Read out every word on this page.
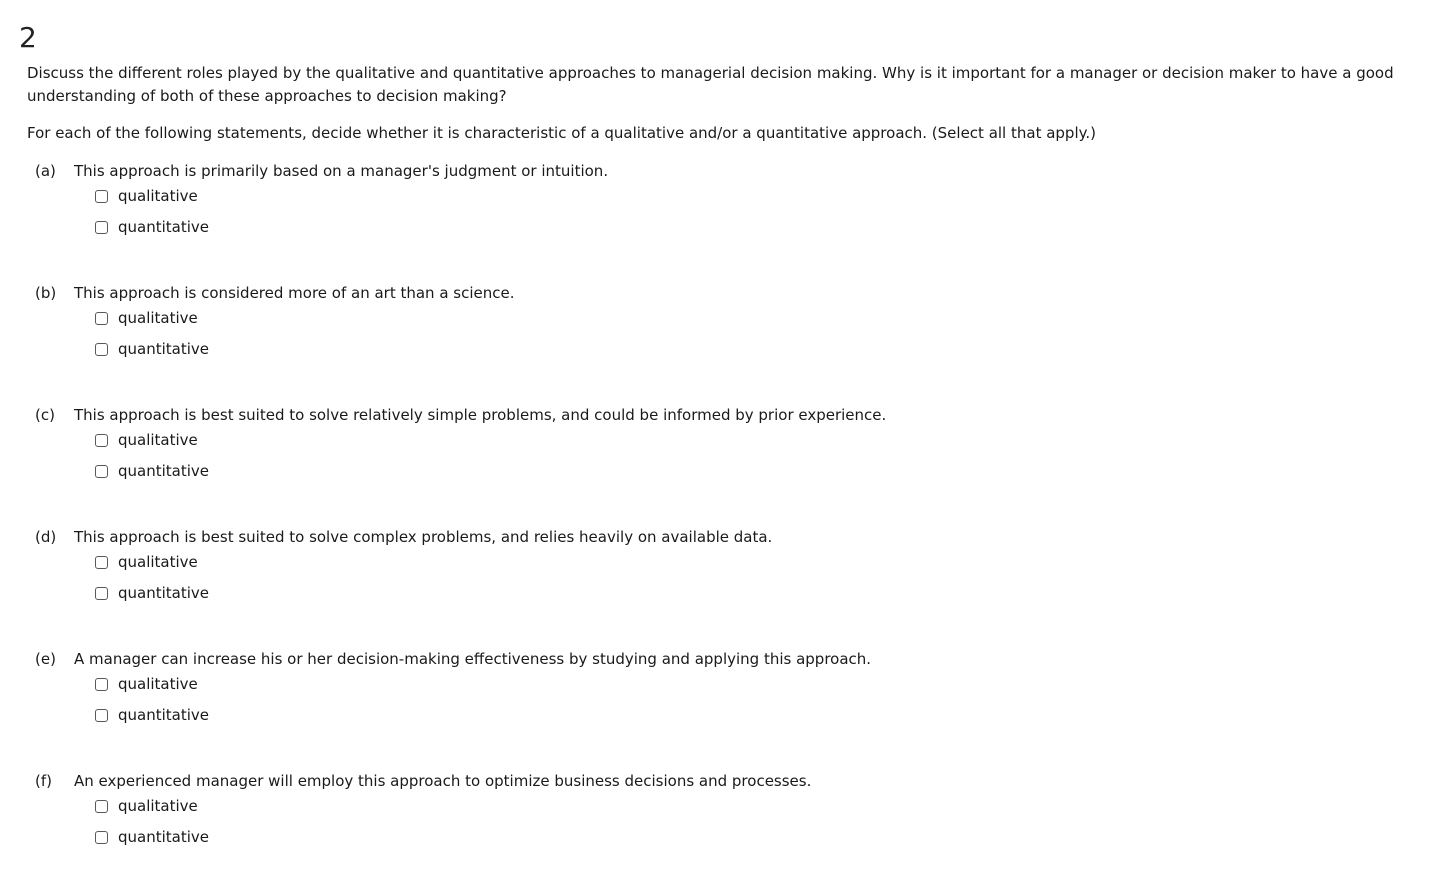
2
Discuss the different roles played by the qualitative and quantitative approaches to managerial decision making. Why is it important for a manager or decision maker to have a good understanding of both of these approaches to decision making?
For each of the following statements, decide whether it is characteristic of a qualitative and/or a quantitative approach. (Select all that apply.)
(a) This approach is primarily based on a manager's judgment or intuition.
qualitative
quantitative
(b) This approach is considered more of an art than a science.
qualitative
quantitative
(c) This approach is best suited to solve relatively simple problems, and could be informed by prior experience.
qualitative
quantitative
(d) This approach is best suited to solve complex problems, and relies heavily on available data.
qualitative
quantitative
(e) A manager can increase his or her decision-making effectiveness by studying and applying this approach.
qualitative
quantitative
(f) An experienced manager will employ this approach to optimize business decisions and processes.
qualitative
quantitative
